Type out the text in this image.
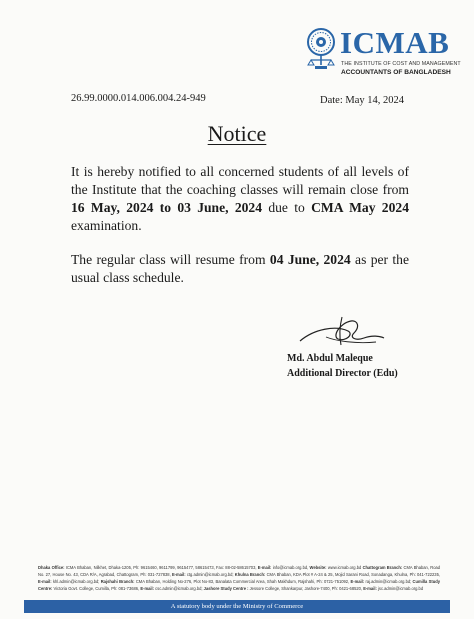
ICMAB
THE INSTITUTE OF COST AND MANAGEMENT
ACCOUNTANTS OF BANGLADESH
26.99.0000.014.006.004.24-949	Date: May 14, 2024
Notice
It is hereby notified to all concerned students of all levels of the Institute that the coaching classes will remain close from 16 May, 2024 to 03 June, 2024 due to CMA May 2024 examination.
The regular class will resume from 04 June, 2024 as per the usual class schedule.
Md. Abdul Maleque
Additional Director (Edu)
Dhaka Office: ICMA Bhaban, Nilkhet, Dhaka-1205, Ph: 9615460, 9611799, 9615477, 58615473, Fax: 88-02-58615703, E-mail: info@icmab.org.bd, Website: www.icmab.org.bd Chattogram Branch: CMA Bhaban, Road No. 27, House No. 43, CDA R/A, Agrabad, Chattogram, Ph: 031-727838, E-mail: ctg.admin@icmab.org.bd; Khulna Branch: CMA Bhaban, KDA Plot # A-24 & 25, Mojid Sarani Road, Sonadanga, Khulna, Ph: 041-722235, E-mail: khl.admin@icmab.org.bd; Rajshahi Branch: CMA Bhaban, Holding No-276, Plot No-83, Banalata Commercial Area, Shah Makhdum, Rajshahi, Ph: 0721-751092, E-mail: raj.admin@icmab.org.bd; Cumilla Study Centre: Victoria Govt. College, Cumilla, Ph: 081-73686, E-mail: csc.admin@icmab.org.bd; Jashore Study Centre : Jessore College, Shankarpur, Jashore-7400, Ph: 0421-68520, E-mail: jsc.admin@icmab.org.bd
A statutory body under the Ministry of Commerce
